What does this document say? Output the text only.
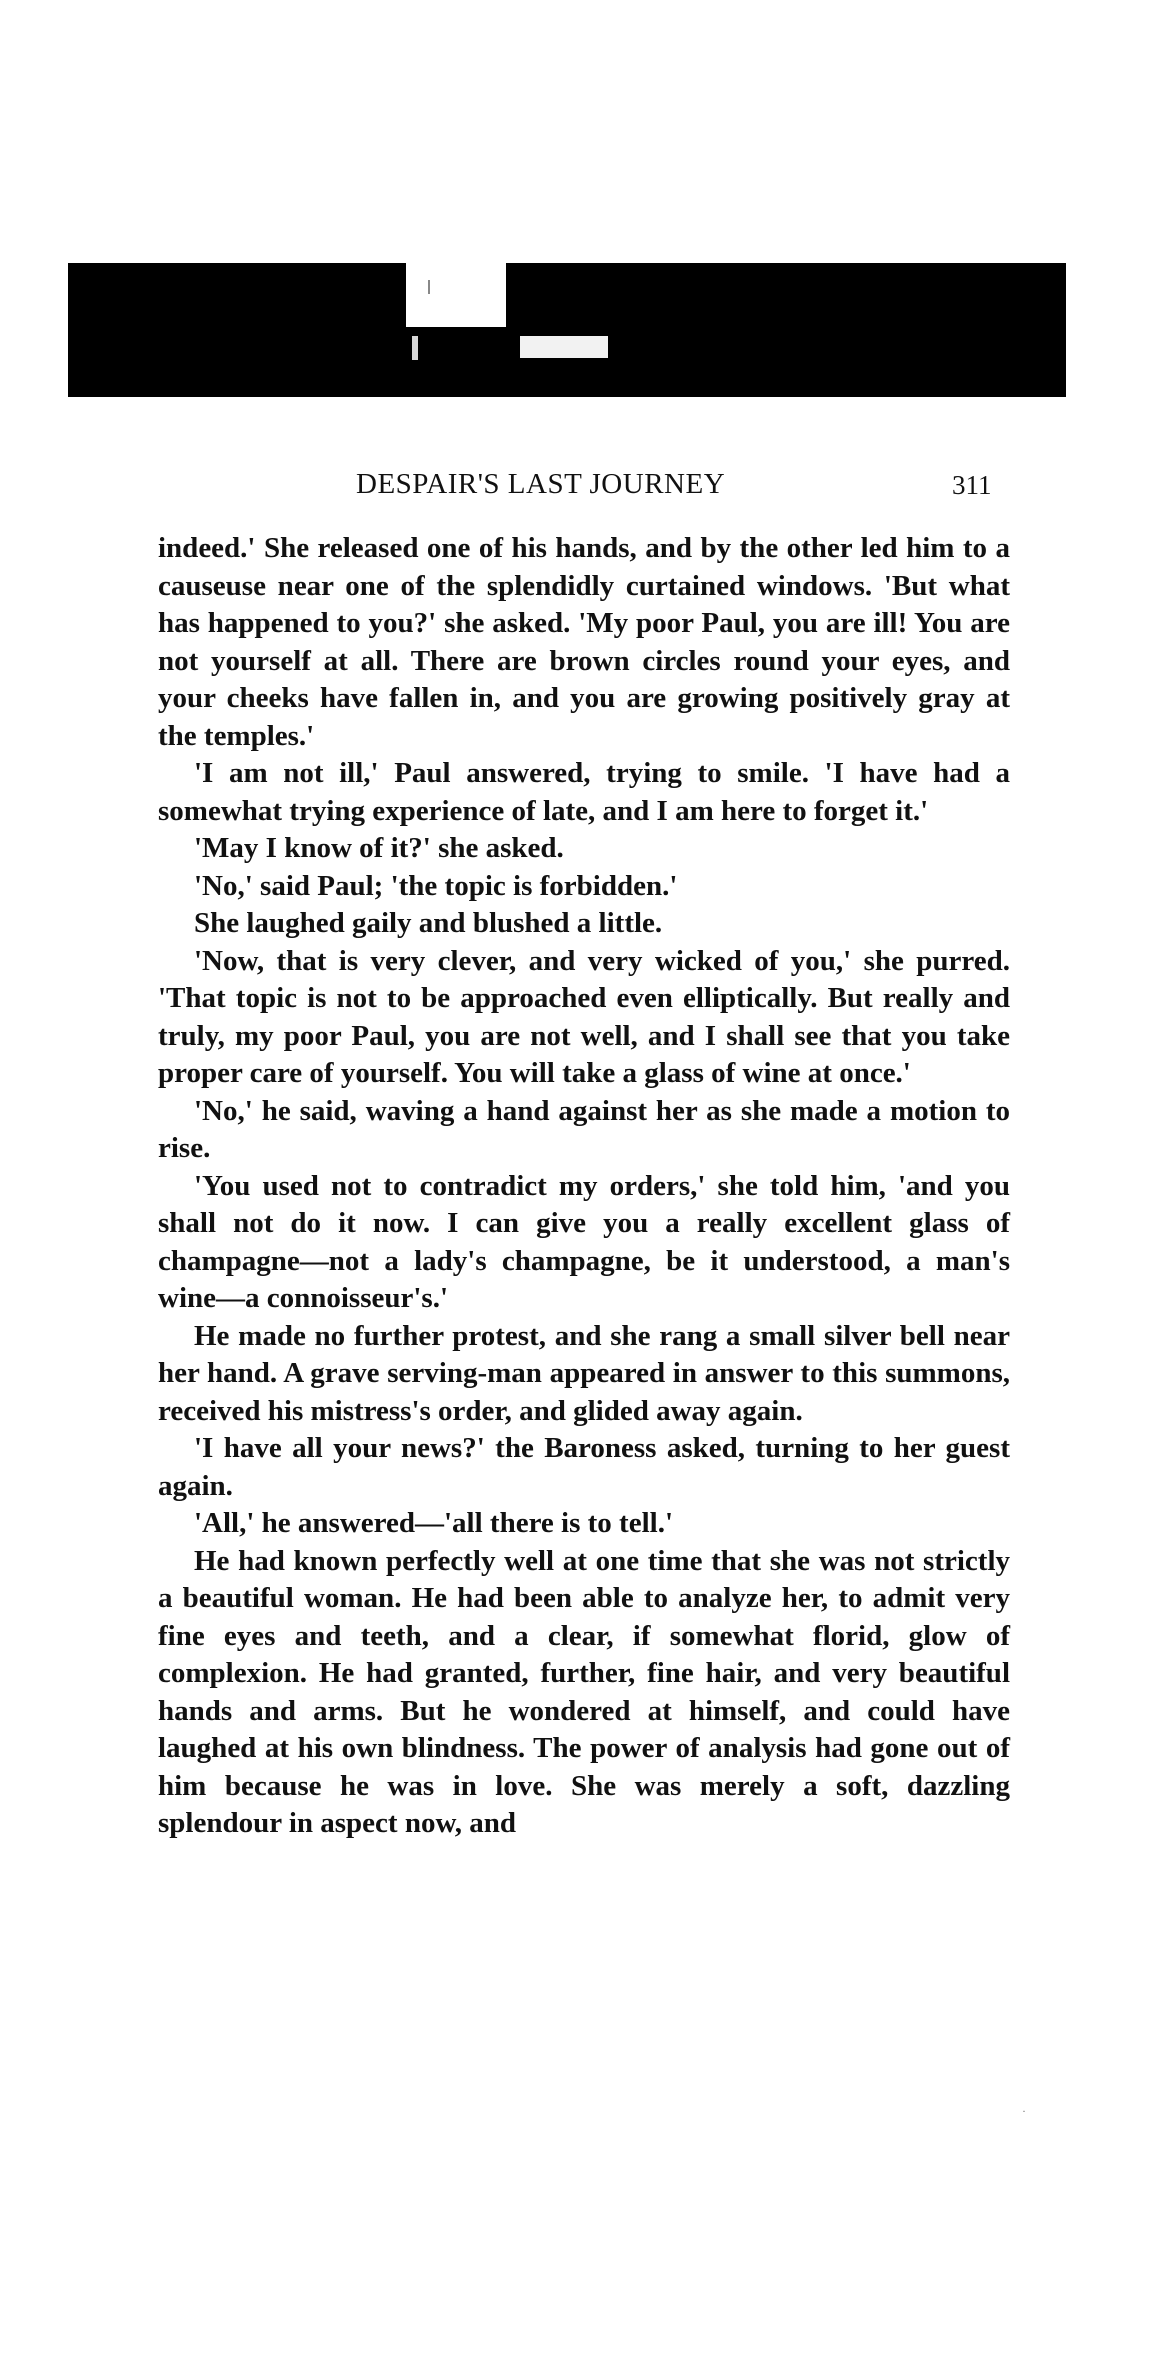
DESPAIR'S LAST JOURNEY	311

indeed.' She released one of his hands, and by the other led him to a causeuse near one of the splendidly curtained windows. 'But what has happened to you?' she asked. 'My poor Paul, you are ill! You are not yourself at all. There are brown circles round your eyes, and your cheeks have fallen in, and you are growing positively gray at the temples.'

'I am not ill,' Paul answered, trying to smile. 'I have had a somewhat trying experience of late, and I am here to forget it.'

'May I know of it?' she asked.

'No,' said Paul; 'the topic is forbidden.'

She laughed gaily and blushed a little.

'Now, that is very clever, and very wicked of you,' she purred. 'That topic is not to be approached even elliptically. But really and truly, my poor Paul, you are not well, and I shall see that you take proper care of yourself. You will take a glass of wine at once.'

'No,' he said, waving a hand against her as she made a motion to rise.

'You used not to contradict my orders,' she told him, 'and you shall not do it now. I can give you a really excellent glass of champagne—not a lady's champagne, be it understood, a man's wine—a connoisseur's.'

He made no further protest, and she rang a small silver bell near her hand. A grave serving-man appeared in answer to this summons, received his mistress's order, and glided away again.

'I have all your news?' the Baroness asked, turning to her guest again.

'All,' he answered—'all there is to tell.'

He had known perfectly well at one time that she was not strictly a beautiful woman. He had been able to analyze her, to admit very fine eyes and teeth, and a clear, if somewhat florid, glow of complexion. He had granted, further, fine hair, and very beautiful hands and arms. But he wondered at himself, and could have laughed at his own blindness. The power of analysis had gone out of him because he was in love. She was merely a soft, dazzling splendour in aspect now, and

·
